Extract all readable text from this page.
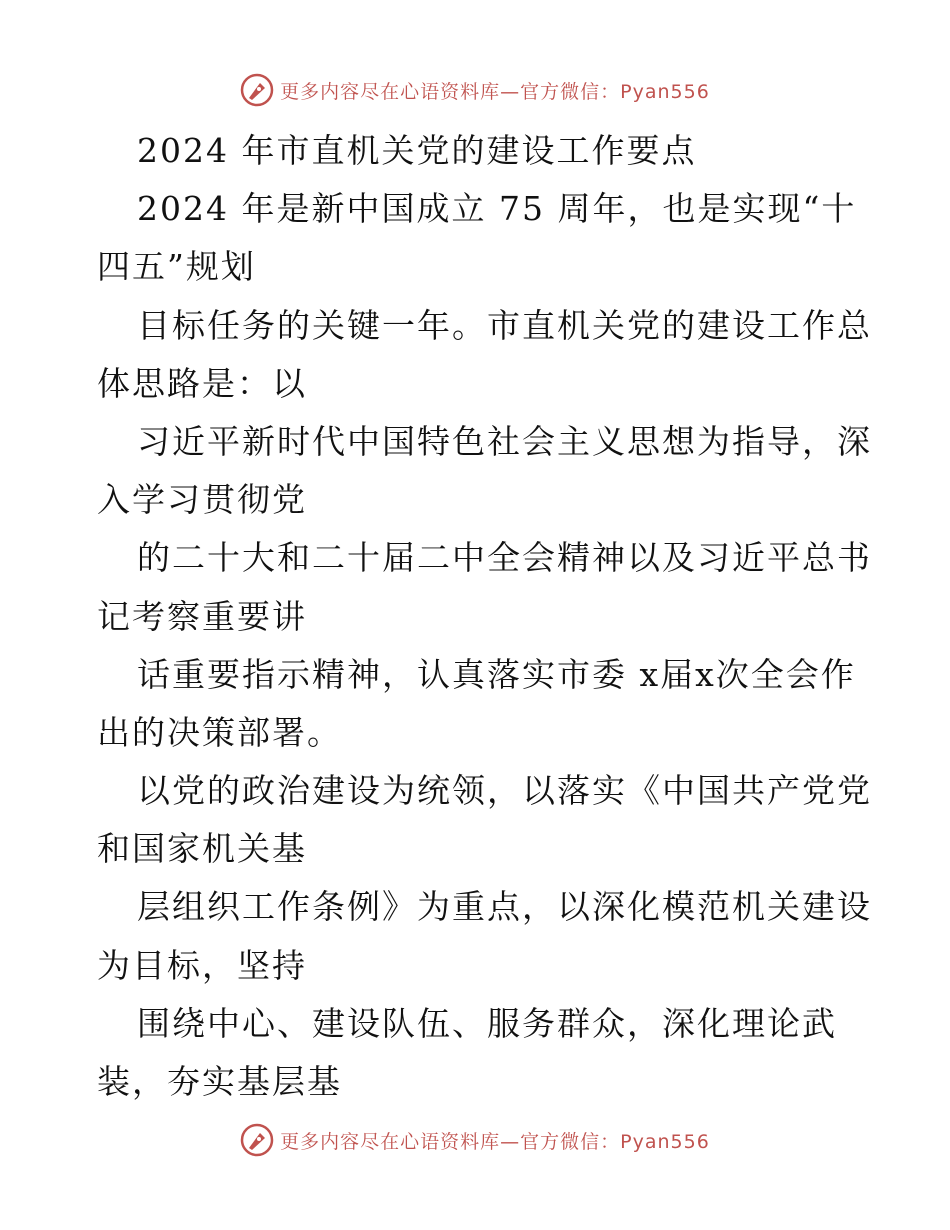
更多内容尽在心语资料库—官方微信：Pyan556
2024 年市直机关党的建设工作要点
2024 年是新中国成立 75 周年，也是实现“十
四五”规划
目标任务的关键一年。市直机关党的建设工作总
体思路是：以
习近平新时代中国特色社会主义思想为指导，深
入学习贯彻党
的二十大和二十届二中全会精神以及习近平总书
记考察重要讲
话重要指示精神，认真落实市委 x届x次全会作
出的决策部署。
以党的政治建设为统领，以落实《中国共产党党
和国家机关基
层组织工作条例》为重点，以深化模范机关建设
为目标，坚持
围绕中心、建设队伍、服务群众，深化理论武
装，夯实基层基
更多内容尽在心语资料库—官方微信：Pyan556
